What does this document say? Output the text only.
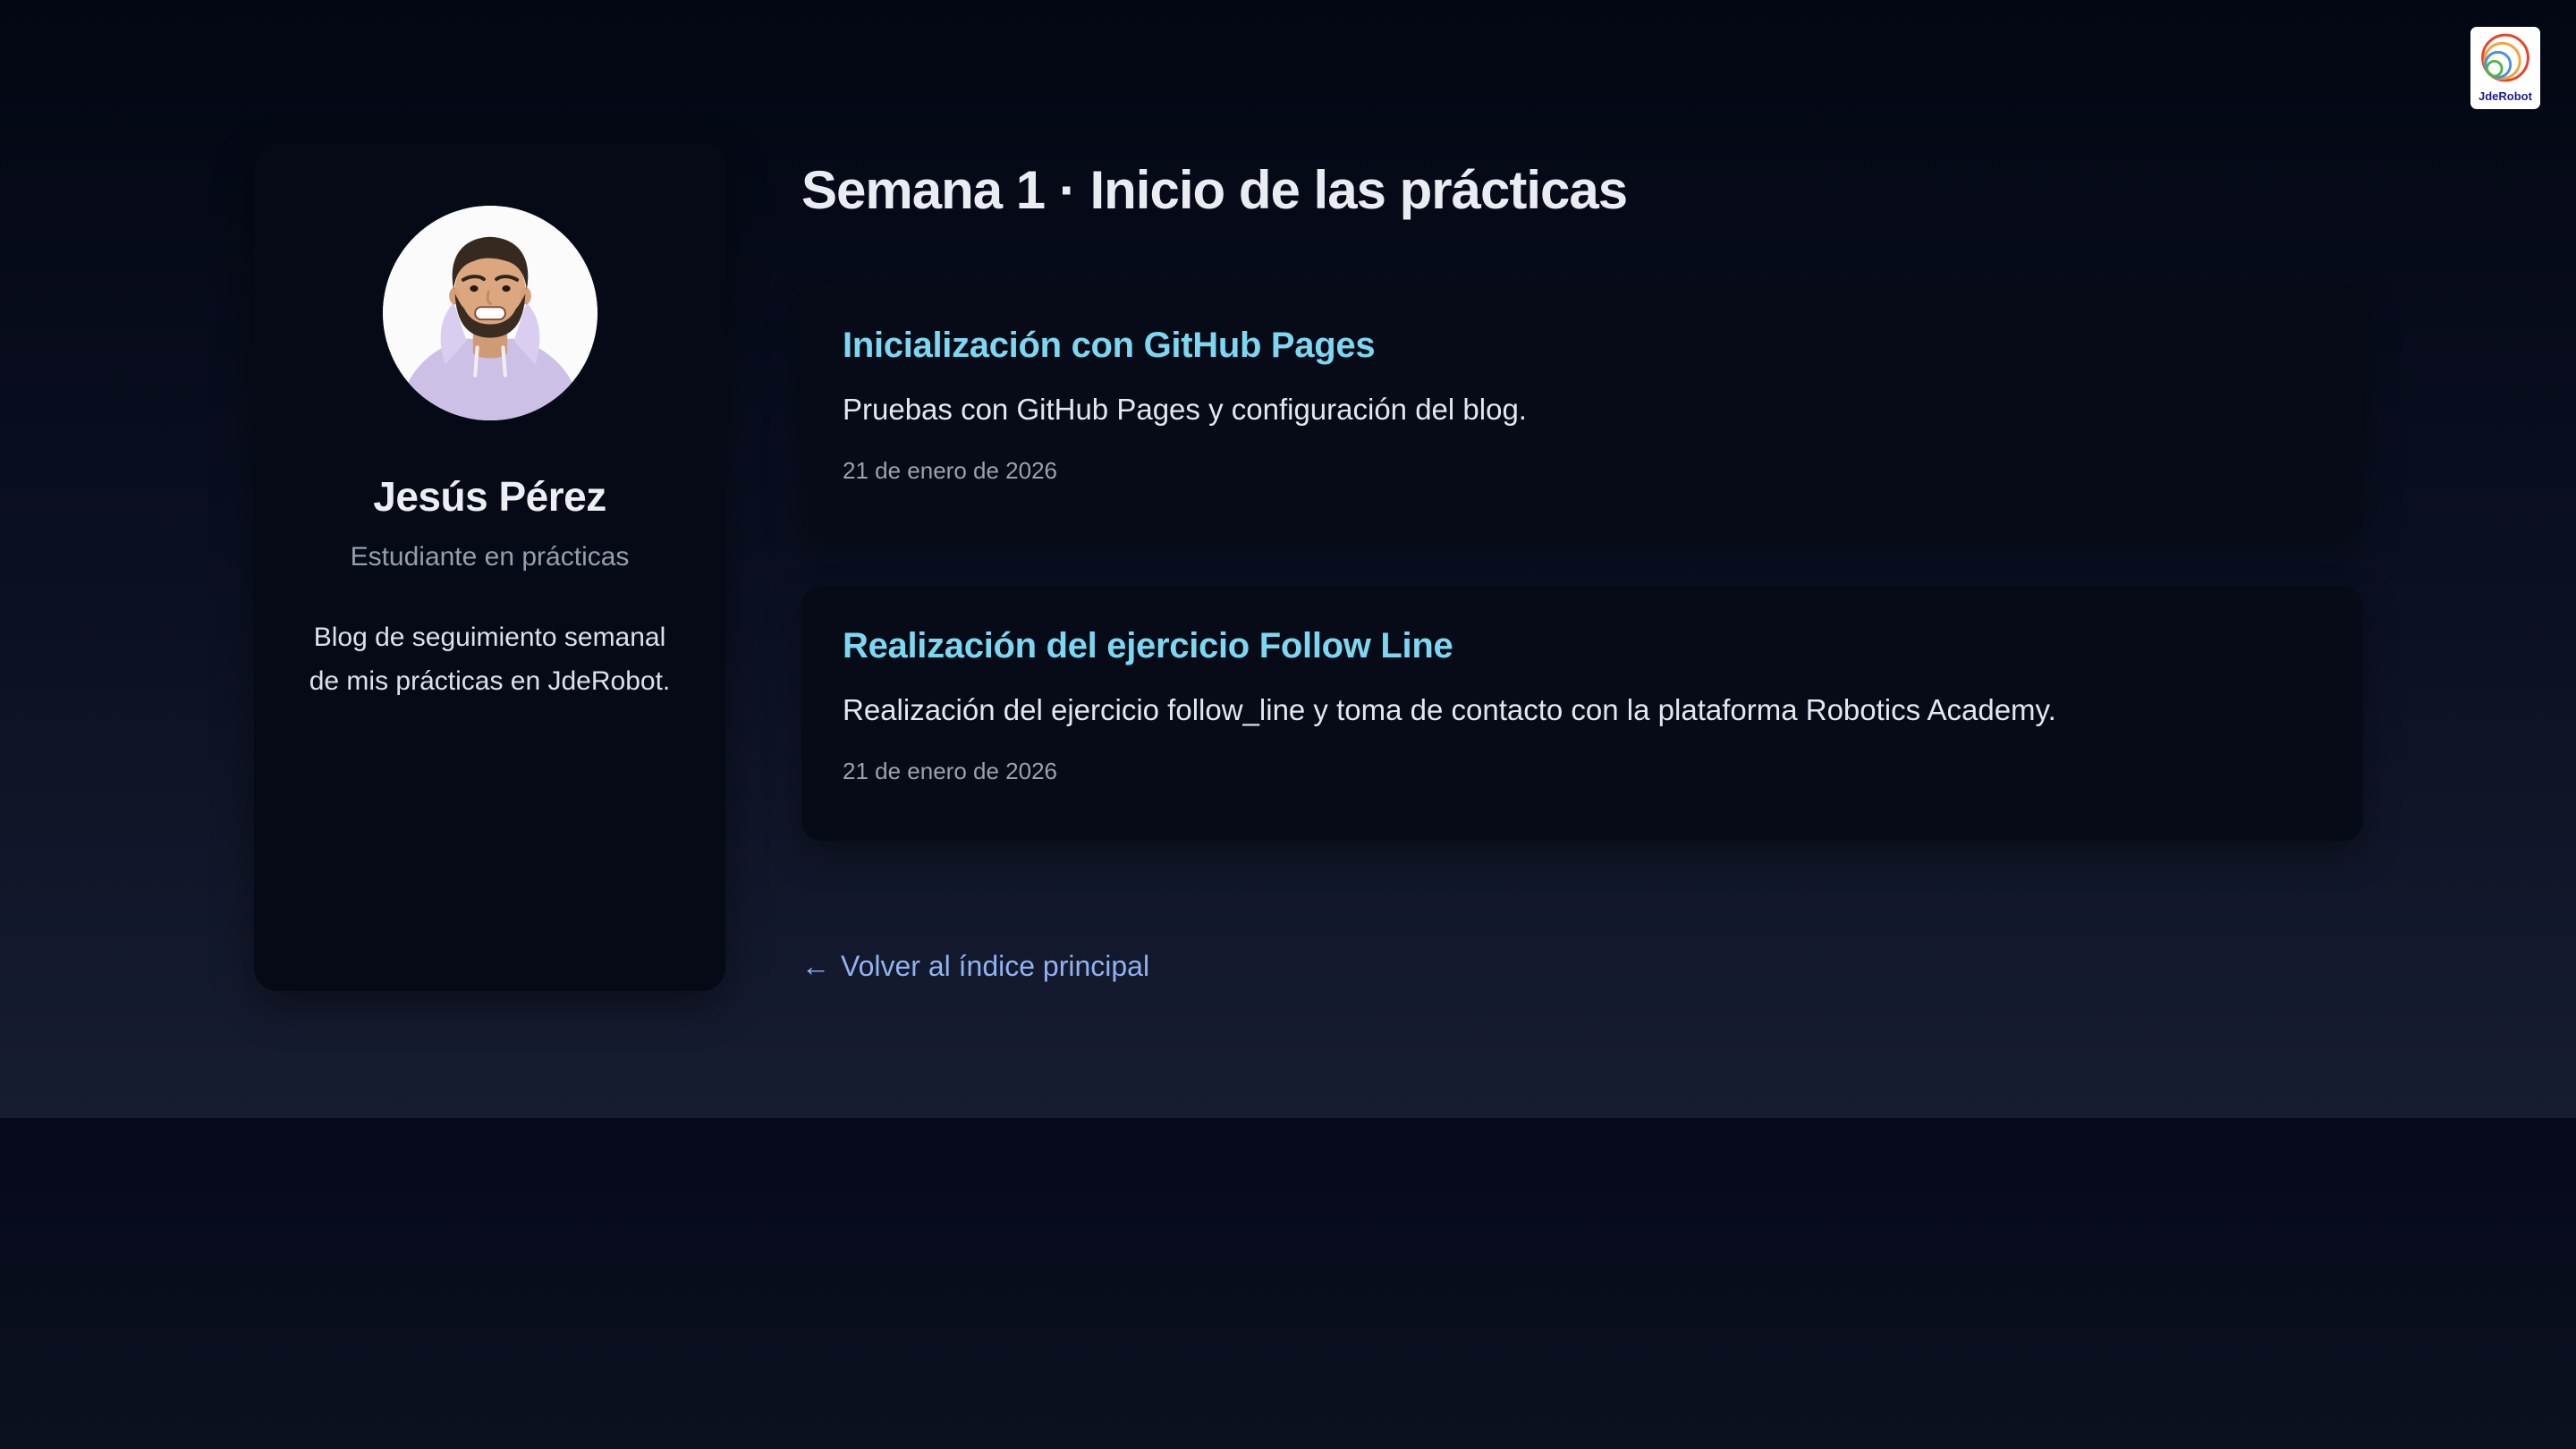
JdeRobot
Jesús Pérez

Estudiante en prácticas

Blog de seguimiento semanal de mis prácticas en JdeRobot.

Semana 1 · Inicio de las prácticas
Inicialización con GitHub Pages

Pruebas con GitHub Pages y configuración del blog.

21 de enero de 2026

Realización del ejercicio Follow Line

Realización del ejercicio follow_line y toma de contacto con la plataforma Robotics Academy.

21 de enero de 2026

← Volver al índice principal
